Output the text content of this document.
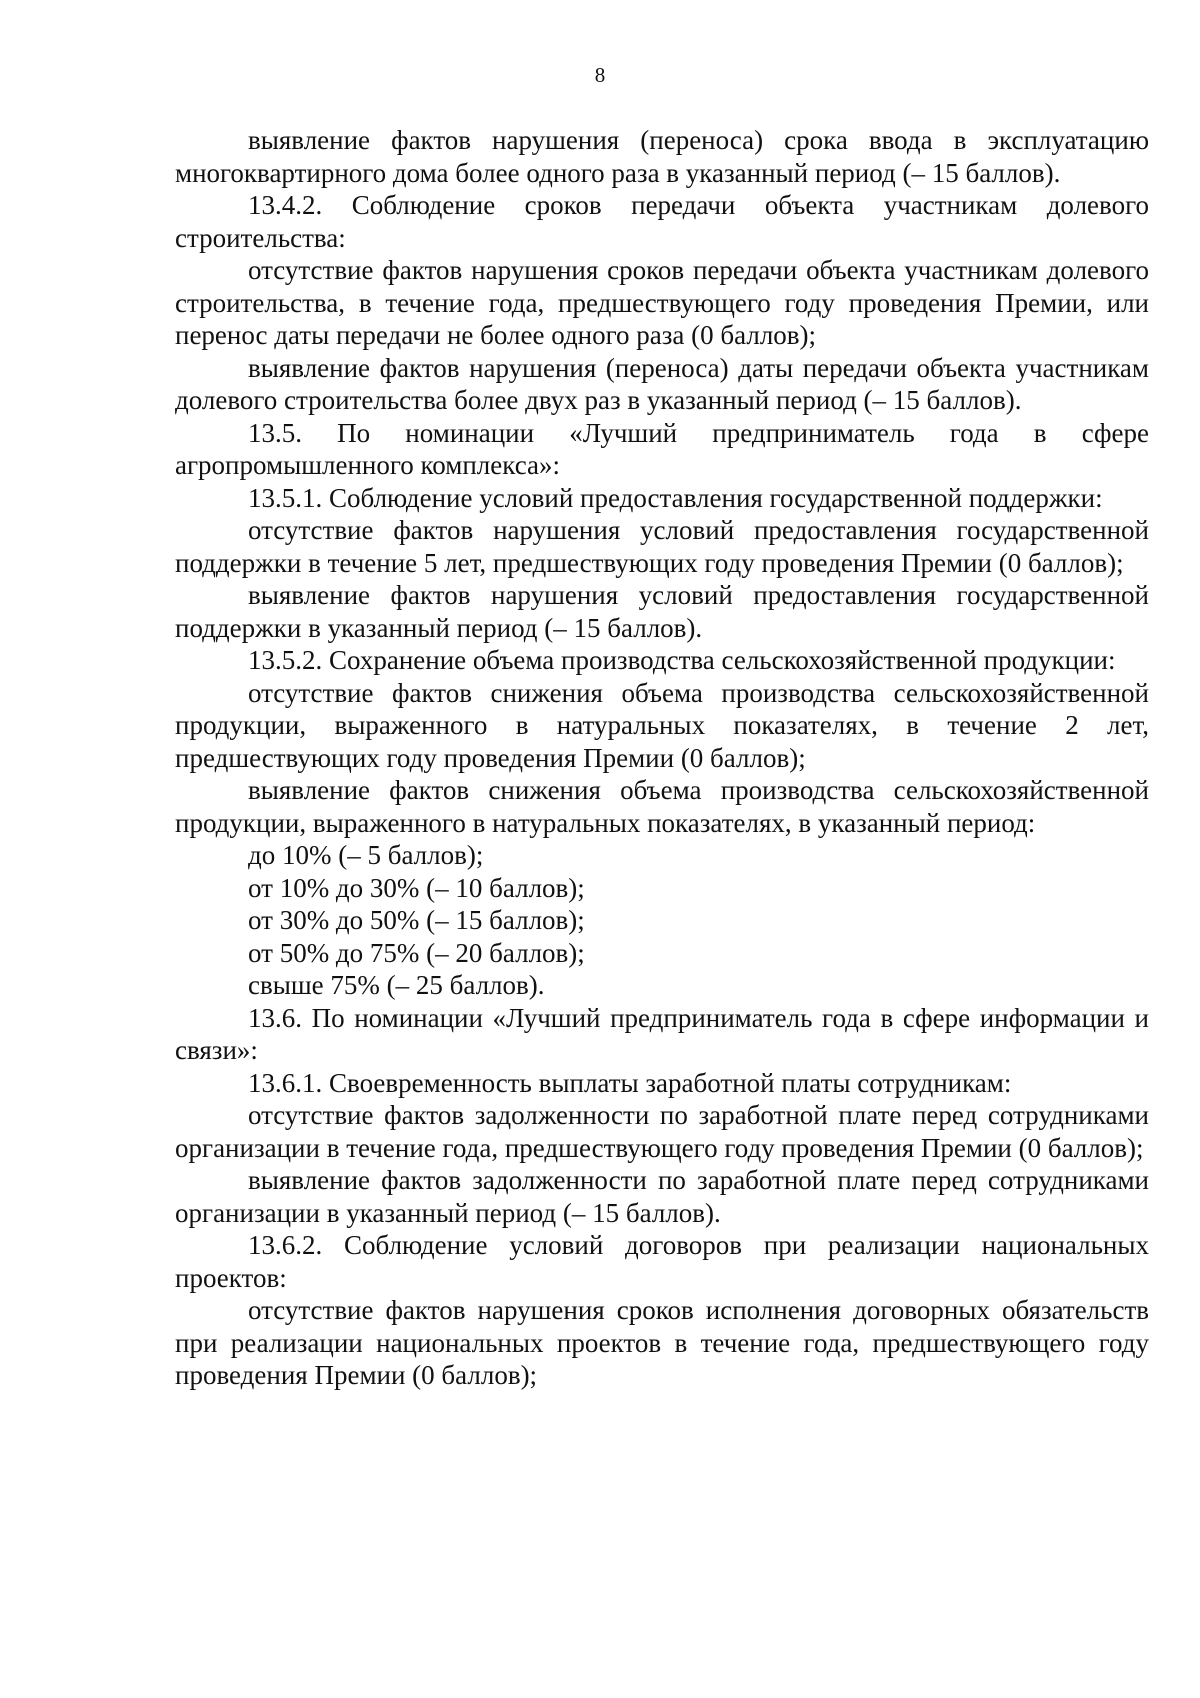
8

выявление фактов нарушения (переноса) срока ввода в эксплуатацию многоквартирного дома более одного раза в указанный период (– 15 баллов).

13.4.2. Соблюдение сроков передачи объекта участникам долевого строительства:

отсутствие фактов нарушения сроков передачи объекта участникам долевого строительства, в течение года, предшествующего году проведения Премии, или перенос даты передачи не более одного раза (0 баллов);

выявление фактов нарушения (переноса) даты передачи объекта участникам долевого строительства более двух раз в указанный период (– 15 баллов).

13.5. По номинации «Лучший предприниматель года в сфере агропромышленного комплекса»:

13.5.1. Соблюдение условий предоставления государственной поддержки:

отсутствие фактов нарушения условий предоставления государственной поддержки в течение 5 лет, предшествующих году проведения Премии (0 баллов);

выявление фактов нарушения условий предоставления государственной поддержки в указанный период (– 15 баллов).

13.5.2. Сохранение объема производства сельскохозяйственной продукции:

отсутствие фактов снижения объема производства сельскохозяйственной продукции, выраженного в натуральных показателях, в течение 2 лет, предшествующих году проведения Премии (0 баллов);

выявление фактов снижения объема производства сельскохозяйственной продукции, выраженного в натуральных показателях, в указанный период:

до 10% (– 5 баллов);

от 10% до 30% (– 10 баллов);

от 30% до 50% (– 15 баллов);

от 50% до 75% (– 20 баллов);

свыше 75% (– 25 баллов).

13.6. По номинации «Лучший предприниматель года в сфере информации и связи»:

13.6.1. Своевременность выплаты заработной платы сотрудникам:

отсутствие фактов задолженности по заработной плате перед сотрудниками организации в течение года, предшествующего году проведения Премии (0 баллов);

выявление фактов задолженности по заработной плате перед сотрудниками организации в указанный период (– 15 баллов).

13.6.2. Соблюдение условий договоров при реализации национальных проектов:

отсутствие фактов нарушения сроков исполнения договорных обязательств при реализации национальных проектов в течение года, предшествующего году проведения Премии (0 баллов);
